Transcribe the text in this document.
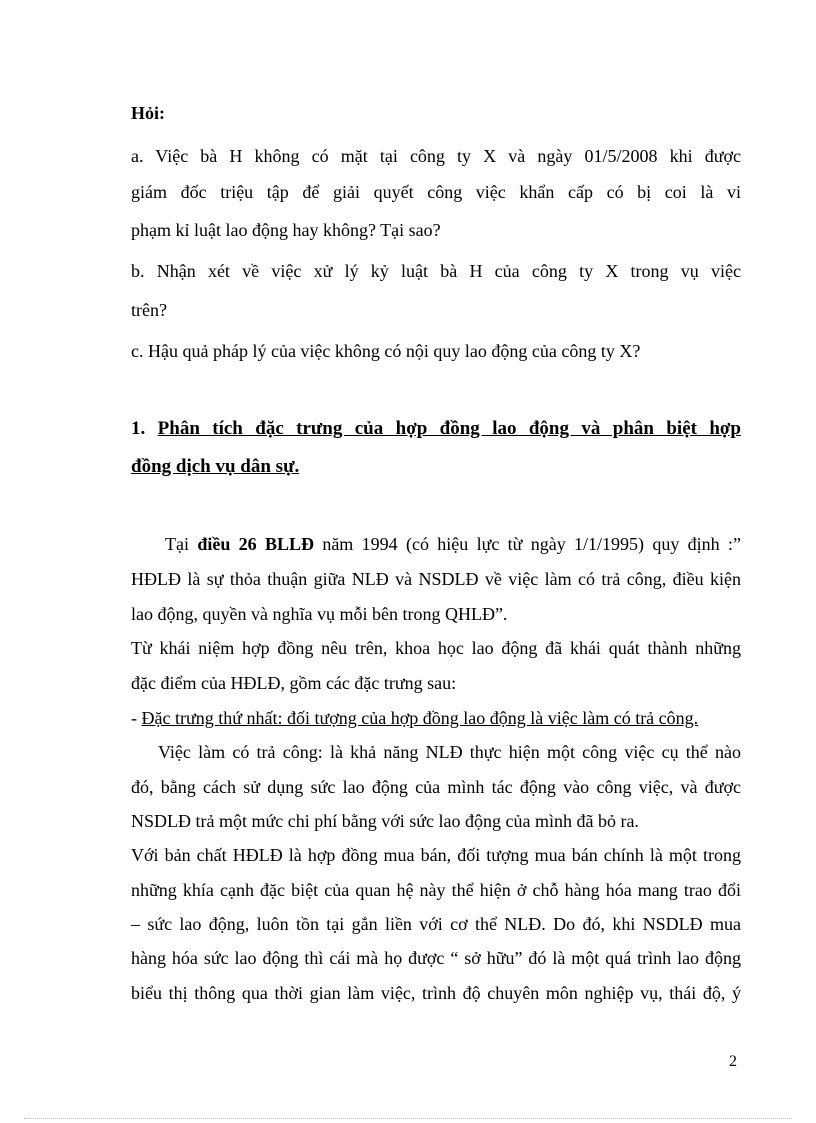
Hỏi:
a. Việc bà H không có mặt tại công ty X và ngày 01/5/2008 khi được
giám đốc triệu tập để giải quyết công việc khẩn cấp có bị coi là vi
phạm kỉ luật lao động hay không? Tại sao?
b. Nhận xét về việc xử lý kỷ luật bà H của công ty X trong vụ việc
trên?
c. Hậu quả pháp lý của việc không có nội quy lao động của công ty X?
1. Phân tích đặc trưng của hợp đồng lao động và phân biệt hợp
đồng dịch vụ dân sự.
Tại điều 26 BLLĐ năm 1994 (có hiệu lực từ ngày 1/1/1995) quy định :”
HĐLĐ là sự thỏa thuận giữa NLĐ và NSDLĐ về việc làm có trả công, điều kiện
lao động, quyền và nghĩa vụ mỗi bên trong QHLĐ”.
Từ khái niệm hợp đồng nêu trên, khoa học lao động đã khái quát thành những
đặc điểm của HĐLĐ, gồm các đặc trưng sau:
- Đặc trưng thứ nhất: đối tượng của hợp đồng lao động là việc làm có trả công.
Việc làm có trả công: là khả năng NLĐ thực hiện một công việc cụ thể nào
đó, bằng cách sử dụng sức lao động của mình tác động vào công việc, và được
NSDLĐ trả một mức chi phí bằng với sức lao động của mình đã bỏ ra.
Với bản chất HĐLĐ là hợp đồng mua bán, đối tượng mua bán chính là một trong
những khía cạnh đặc biệt của quan hệ này thể hiện ở chỗ hàng hóa mang trao đổi
– sức lao động, luôn tồn tại gắn liền với cơ thể NLĐ. Do đó, khi NSDLĐ mua
hàng hóa sức lao động thì cái mà họ được “ sở hữu” đó là một quá trình lao động
biểu thị thông qua thời gian làm việc, trình độ chuyên môn nghiệp vụ, thái độ, ý
2
